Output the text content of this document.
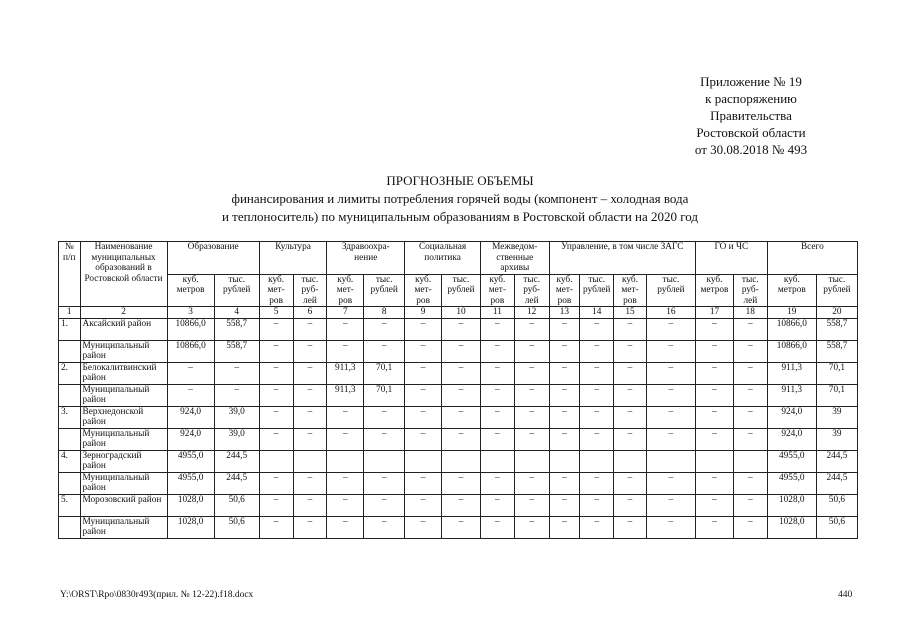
Приложение № 19
к распоряжению
Правительства
Ростовской области
от 30.08.2018 № 493
ПРОГНОЗНЫЕ ОБЪЕМЫ
финансирования и лимиты потребления горячей воды (компонент – холодная вода
и теплоноситель) по муниципальным образованиям в Ростовской области на 2020 год
№ п/п	Наименование муниципальных образований в Ростовской области	Образование		Культура		Здравоохра- нение		Социальная политика		Межведом- ственные архивы		Управление, в том числе ЗАГС				ГО и ЧС		Всего	
		куб. метров	тыс. рублей	куб. мет- ров	тыс. руб- лей	куб. мет- ров	тыс. рублей	куб. мет- ров	тыс. рублей	куб. мет- ров	тыс. руб- лей	куб. мет- ров	тыс. рублей	куб. мет- ров	тыс. рублей	куб. метров	тыс. руб- лей	куб. метров	тыс. рублей
1	2	3	4	5	6	7	8	9	10	11	12	13	14	15	16	17	18	19	20
1.	Аксайский район	10866,0	558,7	–	–	–	–	–	–	–	–	–	–	–	–	–	–	10866,0	558,7
	Муниципальный район	10866,0	558,7	–	–	–	–	–	–	–	–	–	–	–	–	–	–	10866,0	558,7
2.	Белокалитвинский район	–	–	–	–	911,3	70,1	–	–	–	–	–	–	–	–	–	–	911,3	70,1
	Муниципальный район	–	–	–	–	911,3	70,1	–	–	–	–	–	–	–	–	–	–	911,3	70,1
3.	Верхнедонской район	924,0	39,0	–	–	–	–	–	–	–	–	–	–	–	–	–	–	924,0	39
	Муниципальный район	924,0	39,0	–	–	–	–	–	–	–	–	–	–	–	–	–	–	924,0	39
4.	Зерноградский район	4955,0	244,5															4955,0	244,5
	Муниципальный район	4955,0	244,5	–	–	–	–	–	–	–	–	–	–	–	–	–	–	4955,0	244,5
5.	Морозовский район	1028,0	50,6	–	–	–	–	–	–	–	–	–	–	–	–	–	–	1028,0	50,6
	Муниципальный район	1028,0	50,6	–	–	–	–	–	–	–	–	–	–	–	–	–	–	1028,0	50,6
Y:\ORST\Rpo\0830r493(прил. № 12-22).f18.docx	440
